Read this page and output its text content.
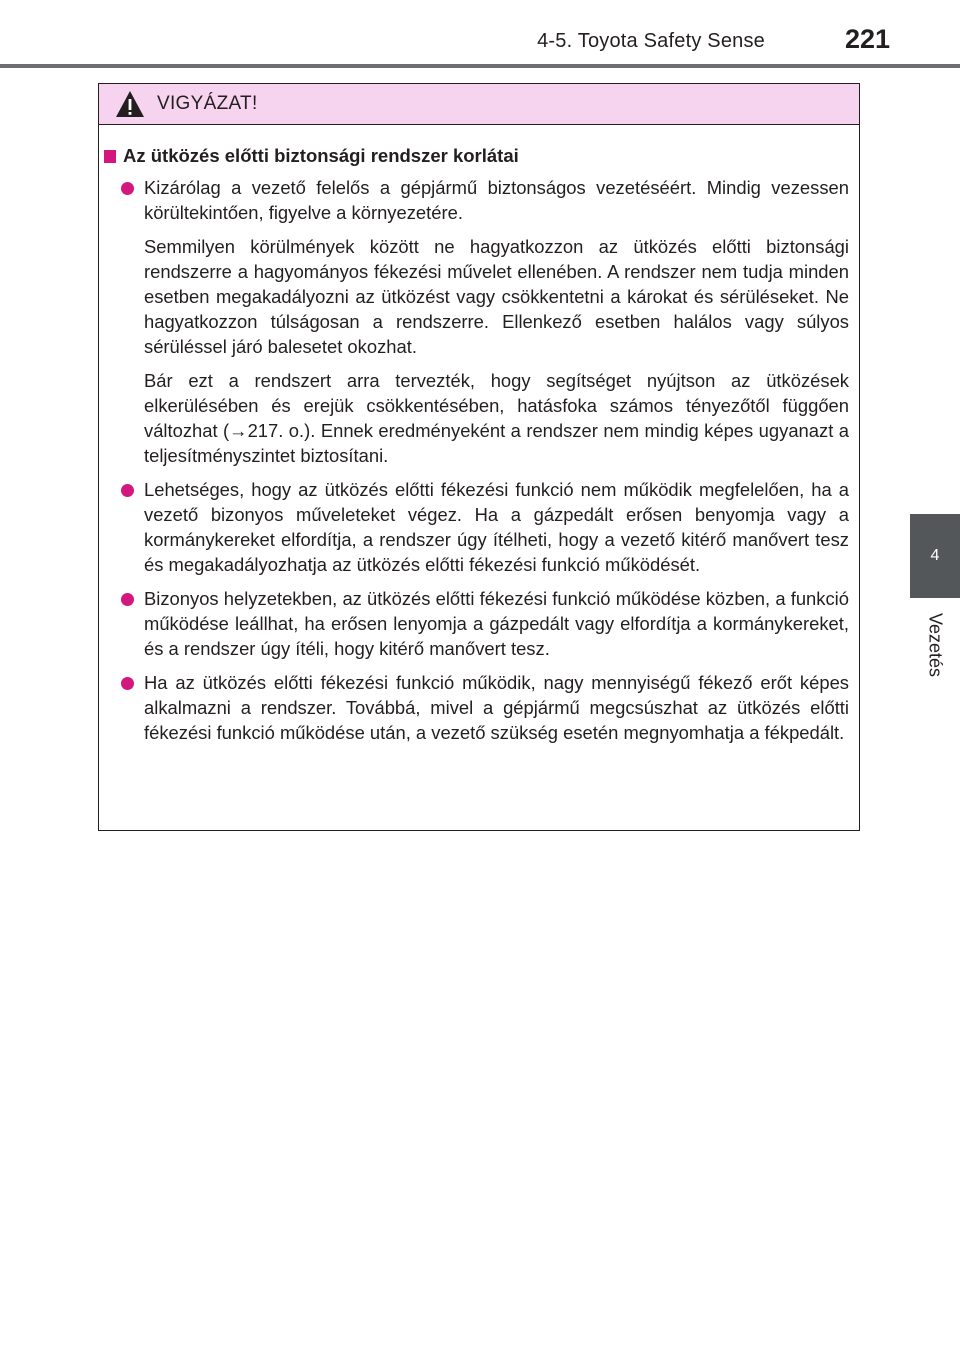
4-5. Toyota Safety Sense	221
4
Vezetés
VIGYÁZAT!
Az ütközés előtti biztonsági rendszer korlátai

Kizárólag a vezető felelős a gépjármű biztonságos vezetéséért. Mindig vezessen körültekintően, figyelve a környezetére.

Semmilyen körülmények között ne hagyatkozzon az ütközés előtti biztonsági rendszerre a hagyományos fékezési művelet ellenében. A rendszer nem tudja minden esetben megakadályozni az ütközést vagy csökkentetni a károkat és sérüléseket. Ne hagyatkozzon túlságosan a rendszerre. Ellenkező esetben halálos vagy súlyos sérüléssel járó balesetet okozhat.

Bár ezt a rendszert arra tervezték, hogy segítséget nyújtson az ütközések elkerülésében és erejük csökkentésében, hatásfoka számos tényezőtől függően változhat (→217. o.). Ennek eredményeként a rendszer nem mindig képes ugyanazt a teljesítményszintet biztosítani.

Lehetséges, hogy az ütközés előtti fékezési funkció nem működik megfelelően, ha a vezető bizonyos műveleteket végez. Ha a gázpedált erősen benyomja vagy a kormánykereket elfordítja, a rendszer úgy ítélheti, hogy a vezető kitérő manővert tesz és megakadályozhatja az ütközés előtti fékezési funkció működését.

Bizonyos helyzetekben, az ütközés előtti fékezési funkció működése közben, a funkció működése leállhat, ha erősen lenyomja a gázpedált vagy elfordítja a kormánykereket, és a rendszer úgy ítéli, hogy kitérő manővert tesz.

Ha az ütközés előtti fékezési funkció működik, nagy mennyiségű fékező erőt képes alkalmazni a rendszer. Továbbá, mivel a gépjármű megcsúszhat az ütközés előtti fékezési funkció működése után, a vezető szükség esetén megnyomhatja a fékpedált.
